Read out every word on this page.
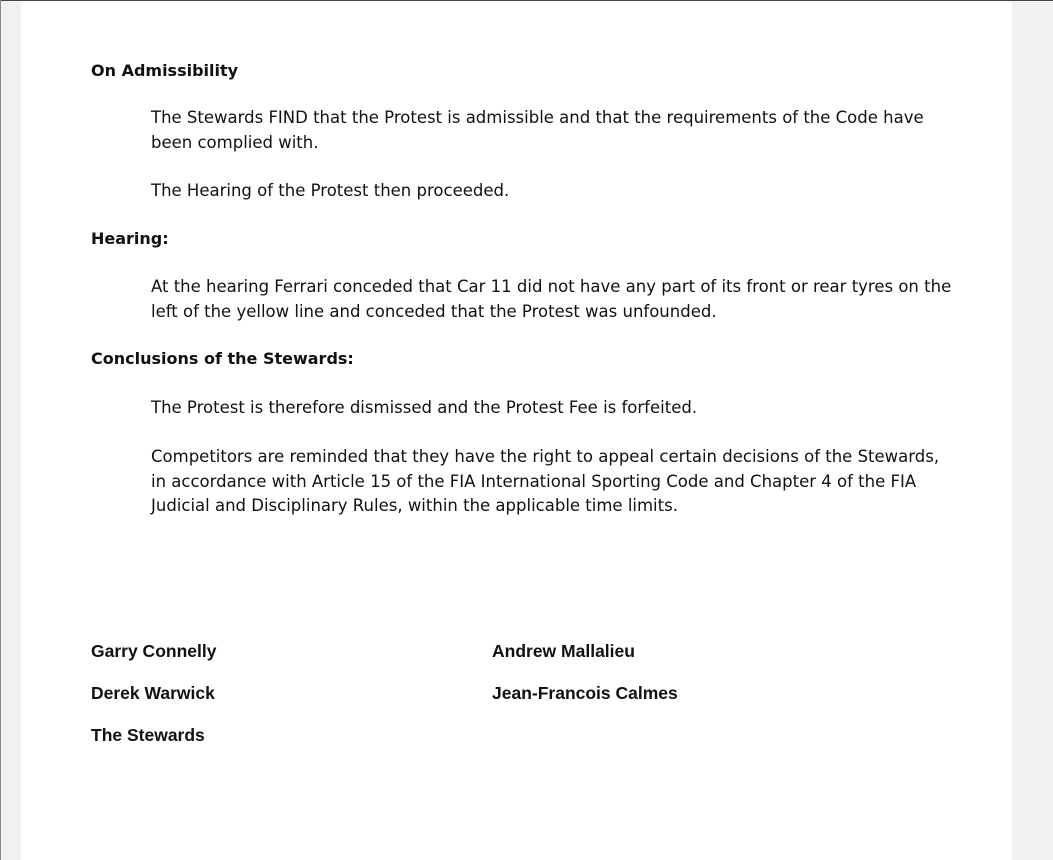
On Admissibility
The Stewards FIND that the Protest is admissible and that the requirements of the Code have
been complied with.
The Hearing of the Protest then proceeded.
Hearing:
At the hearing Ferrari conceded that Car 11 did not have any part of its front or rear tyres on the
left of the yellow line and conceded that the Protest was unfounded.
Conclusions of the Stewards:
The Protest is therefore dismissed and the Protest Fee is forfeited.
Competitors are reminded that they have the right to appeal certain decisions of the Stewards,
in accordance with Article 15 of the FIA International Sporting Code and Chapter 4 of the FIA
Judicial and Disciplinary Rules, within the applicable time limits.
Garry Connelly	Andrew Mallalieu
Derek Warwick	Jean-Francois Calmes
The Stewards
